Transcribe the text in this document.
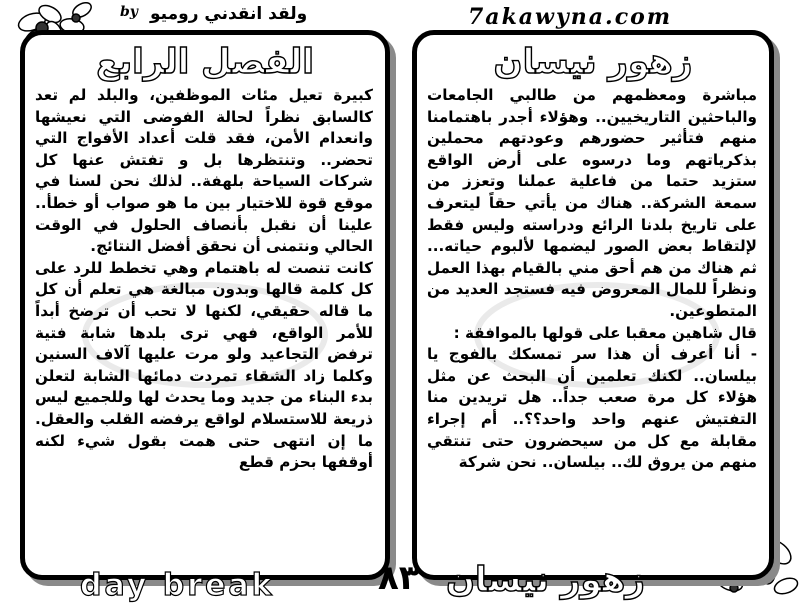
by ولقد انقدني روميو	7akawyna.com
الفصل الرابع

كبيرة تعيل مئات الموظفين، والبلد لم تعد كالسابق نظراً لحالة الفوضى التي نعيشها وانعدام الأمن، فقد قلت أعداد الأفواج التي تحضر.. وتنتظرها بل و تفتش عنها كل شركات السياحة بلهفة.. لذلك نحن لسنا في موقع قوة للاختيار بين ما هو صواب أو خطأ.. علينا أن نقبل بأنصاف الحلول في الوقت الحالي ونتمنى أن نحقق أفضل النتائج.

كانت تنصت له باهتمام وهي تخطط للرد على كل كلمة قالها وبدون مبالغة هي تعلم أن كل ما قاله حقيقي، لكنها لا تحب أن ترضخ أبداً للأمر الواقع، فهي ترى بلدها شابة فتية ترفض التجاعيد ولو مرت عليها آلاف السنين وكلما زاد الشقاء تمردت دمائها الشابة لتعلن بدء البناء من جديد وما يحدث لها وللجميع ليس ذريعة للاستسلام لواقع يرفضه القلب والعقل. ما إن انتهى حتى همت بقول شيء لكنه أوقفها بحزم قطع

زهور نيسان

مباشرة ومعظمهم من طالبي الجامعات والباحثين التاريخيين.. وهؤلاء أجدر باهتمامنا منهم فتأثير حضورهم وعودتهم محملين بذكرياتهم وما درسوه على أرض الواقع ستزيد حتما من فاعلية عملنا وتعزز من سمعة الشركة.. هناك من يأتي حقاً ليتعرف على تاريخ بلدنا الرائع ودراسته وليس فقط لإلتقاط بعض الصور ليضمها لألبوم حياته... ثم هناك من هم أحق مني بالقيام بهذا العمل ونظراً للمال المعروض فيه فستجد العديد من المتطوعين.

قال شاهين معقبا على قولها بالموافقة :

- أنا أعرف أن هذا سر تمسكك بالفوج يا بيلسان.. لكنك تعلمين أن البحث عن مثل هؤلاء كل مرة صعب جداً.. هل تريدين منا التفتيش عنهم واحد واحد؟؟.. أم إجراء مقابلة مع كل من سيحضرون حتى تنتقي منهم من يروق لك.. بيلسان.. نحن شركة

day break	٨٣ زهور نيسان
